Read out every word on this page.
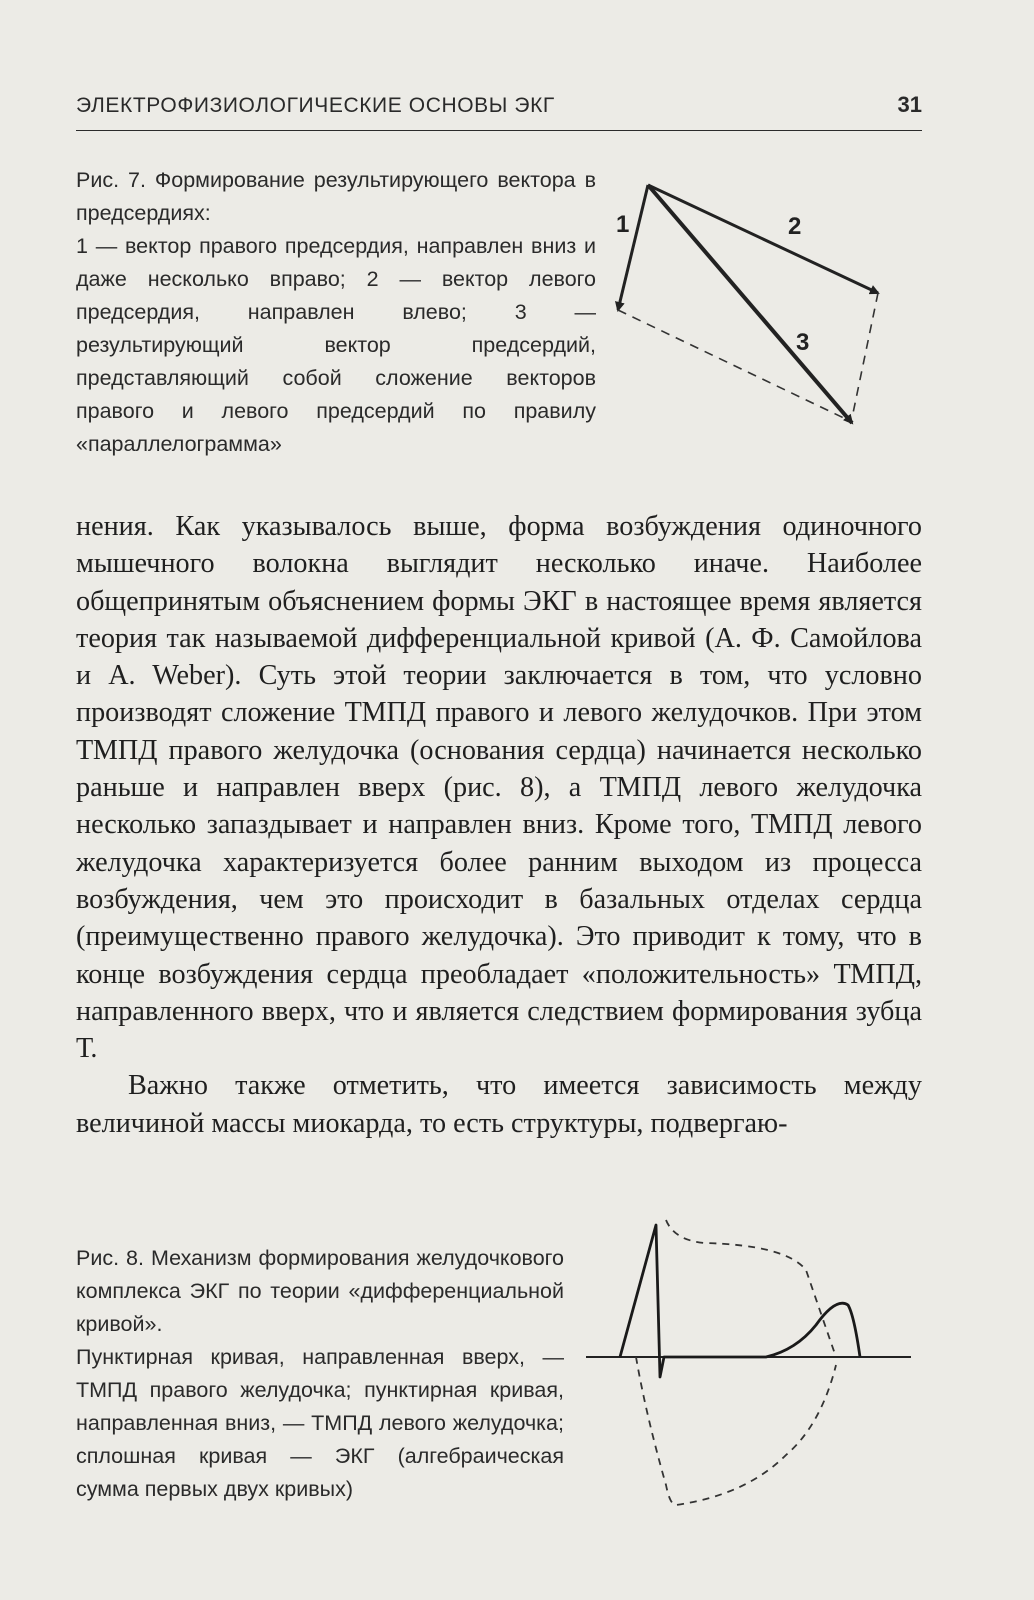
ЭЛЕКТРОФИЗИОЛОГИЧЕСКИЕ ОСНОВЫ ЭКГ	31

Рис. 7. Формирование результирующего вектора в предсердиях:

1 — вектор правого предсердия, направлен вниз и даже несколько вправо; 2 — вектор левого предсердия, направлен влево; 3 — результирующий вектор предсердий, представляющий собой сложение векторов правого и левого предсердий по правилу «параллелограмма»

1	2
3

нения. Как указывалось выше, форма возбуждения одиночного мышечного волокна выглядит несколько иначе. Наиболее общепринятым объяснением формы ЭКГ в настоящее время является теория так называемой дифференциальной кривой (А. Ф. Самойлова и A. Weber). Суть этой теории заключается в том, что условно производят сложение ТМПД правого и левого желудочков. При этом ТМПД правого желудочка (основания сердца) начинается несколько раньше и направлен вверх (рис. 8), а ТМПД левого желудочка несколько запаздывает и направлен вниз. Кроме того, ТМПД левого желудочка характеризуется более ранним выходом из процесса возбуждения, чем это происходит в базальных отделах сердца (преимущественно правого желудочка). Это приводит к тому, что в конце возбуждения сердца преобладает «положительность» ТМПД, направленного вверх, что и является следствием формирования зубца Т.

Важно также отметить, что имеется зависимость между величиной массы миокарда, то есть структуры, подвергаю-

Рис. 8. Механизм формирования желудочкового комплекса ЭКГ по теории «дифференциальной кривой».

Пунктирная кривая, направленная вверх, — ТМПД правого желудочка; пунктирная кривая, направленная вниз, — ТМПД левого желудочка; сплошная кривая — ЭКГ (алгебраическая сумма первых двух кривых)
